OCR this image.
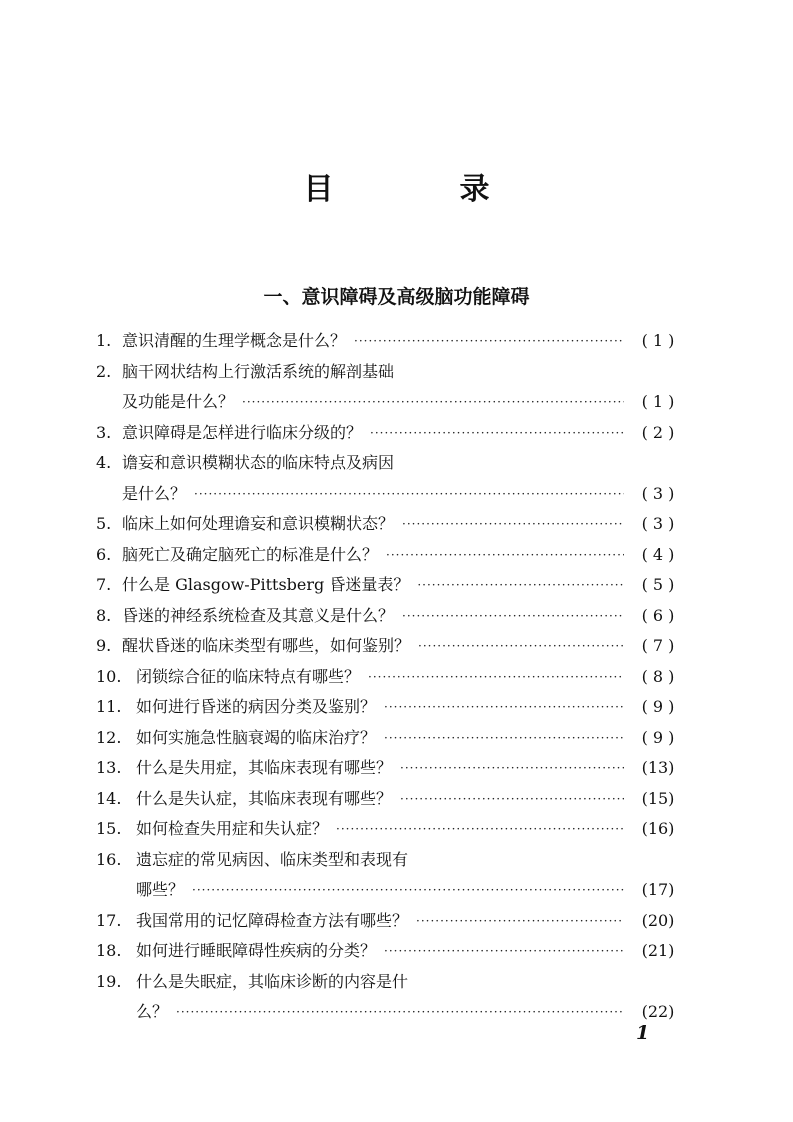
目　录
一、意识障碍及高级脑功能障碍
1. 意识清醒的生理学概念是什么？ ·····	( 1 )
2. 脑干网状结构上行激活系统的解剖基础
及功能是什么？ ·····	( 1 )
3. 意识障碍是怎样进行临床分级的？ ·····	( 2 )
4. 谵妄和意识模糊状态的临床特点及病因
是什么？ ·····	( 3 )
5. 临床上如何处理谵妄和意识模糊状态？ ·····	( 3 )
6. 脑死亡及确定脑死亡的标准是什么？ ·····	( 4 )
7. 什么是 Glasgow-Pittsberg 昏迷量表？ ·····	( 5 )
8. 昏迷的神经系统检查及其意义是什么？ ·····	( 6 )
9. 醒状昏迷的临床类型有哪些，如何鉴别？ ·····	( 7 )
10. 闭锁综合征的临床特点有哪些？ ·····	( 8 )
11. 如何进行昏迷的病因分类及鉴别？ ·····	( 9 )
12. 如何实施急性脑衰竭的临床治疗？ ·····	( 9 )
13. 什么是失用症，其临床表现有哪些？ ·····	(13)
14. 什么是失认症，其临床表现有哪些？ ·····	(15)
15. 如何检查失用症和失认症？ ·····	(16)
16. 遗忘症的常见病因、临床类型和表现有
哪些？ ·····	(17)
17. 我国常用的记忆障碍检查方法有哪些？ ·····	(20)
18. 如何进行睡眠障碍性疾病的分类？ ·····	(21)
19. 什么是失眠症，其临床诊断的内容是什
么？ ·····	(22)

1
